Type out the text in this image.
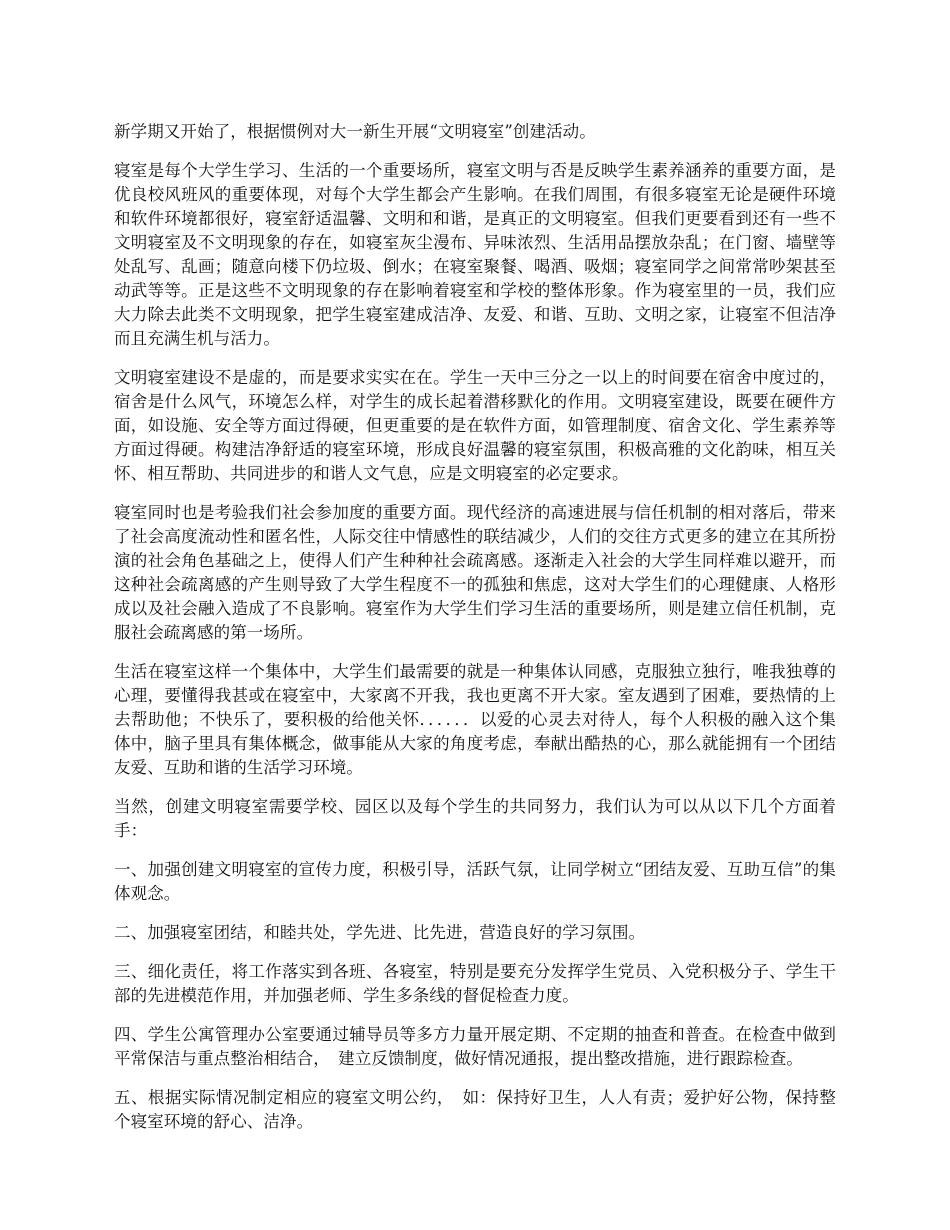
新学期又开始了，根据惯例对大一新生开展“文明寝室”创建活动。

寝室是每个大学生学习、生活的一个重要场所，寝室文明与否是反映学生素养涵养的重要方面，是优良校风班风的重要体现，对每个大学生都会产生影响。在我们周围，有很多寝室无论是硬件环境和软件环境都很好，寝室舒适温馨、文明和和谐，是真正的文明寝室。但我们更要看到还有一些不文明寝室及不文明现象的存在，如寝室灰尘漫布、异味浓烈、生活用品摆放杂乱；在门窗、墙壁等处乱写、乱画；随意向楼下仍垃圾、倒水；在寝室聚餐、喝酒、吸烟；寝室同学之间常常吵架甚至动武等等。正是这些不文明现象的存在影响着寝室和学校的整体形象。作为寝室里的一员，我们应大力除去此类不文明现象，把学生寝室建成洁净、友爱、和谐、互助、文明之家，让寝室不但洁净而且充满生机与活力。

文明寝室建设不是虚的，而是要求实实在在。学生一天中三分之一以上的时间要在宿舍中度过的，宿舍是什么风气，环境怎么样，对学生的成长起着潜移默化的作用。文明寝室建设，既要在硬件方面，如设施、安全等方面过得硬，但更重要的是在软件方面，如管理制度、宿舍文化、学生素养等方面过得硬。构建洁净舒适的寝室环境，形成良好温馨的寝室氛围，积极高雅的文化韵味，相互关怀、相互帮助、共同进步的和谐人文气息，应是文明寝室的必定要求。

寝室同时也是考验我们社会参加度的重要方面。现代经济的高速进展与信任机制的相对落后，带来了社会高度流动性和匿名性，人际交往中情感性的联结减少，人们的交往方式更多的建立在其所扮演的社会角色基础之上，使得人们产生种种社会疏离感。逐渐走入社会的大学生同样难以避开，而这种社会疏离感的产生则导致了大学生程度不一的孤独和焦虑，这对大学生们的心理健康、人格形成以及社会融入造成了不良影响。寝室作为大学生们学习生活的重要场所，则是建立信任机制，克服社会疏离感的第一场所。

生活在寝室这样一个集体中，大学生们最需要的就是一种集体认同感，克服独立独行，唯我独尊的心理，要懂得我甚或在寝室中，大家离不开我，我也更离不开大家。室友遇到了困难，要热情的上去帮助他；不快乐了，要积极的给他关怀．．．．．．以爱的心灵去对待人，每个人积极的融入这个集体中，脑子里具有集体概念，做事能从大家的角度考虑，奉献出酷热的心，那么就能拥有一个团结友爱、互助和谐的生活学习环境。

当然，创建文明寝室需要学校、园区以及每个学生的共同努力，我们认为可以从以下几个方面着手：

一、加强创建文明寝室的宣传力度，积极引导，活跃气氛，让同学树立“团结友爱、互助互信”的集体观念。

二、加强寝室团结，和睦共处，学先进、比先进，营造良好的学习氛围。

三、细化责任，将工作落实到各班、各寝室，特别是要充分发挥学生党员、入党积极分子、学生干部的先进模范作用，并加强老师、学生多条线的督促检查力度。

四、学生公寓管理办公室要通过辅导员等多方力量开展定期、不定期的抽查和普查。在检查中做到平常保洁与重点整治相结合，　建立反馈制度，做好情况通报，提出整改措施，进行跟踪检查。

五、根据实际情况制定相应的寝室文明公约，　如：保持好卫生，人人有责；爱护好公物，保持整个寝室环境的舒心、洁净。
